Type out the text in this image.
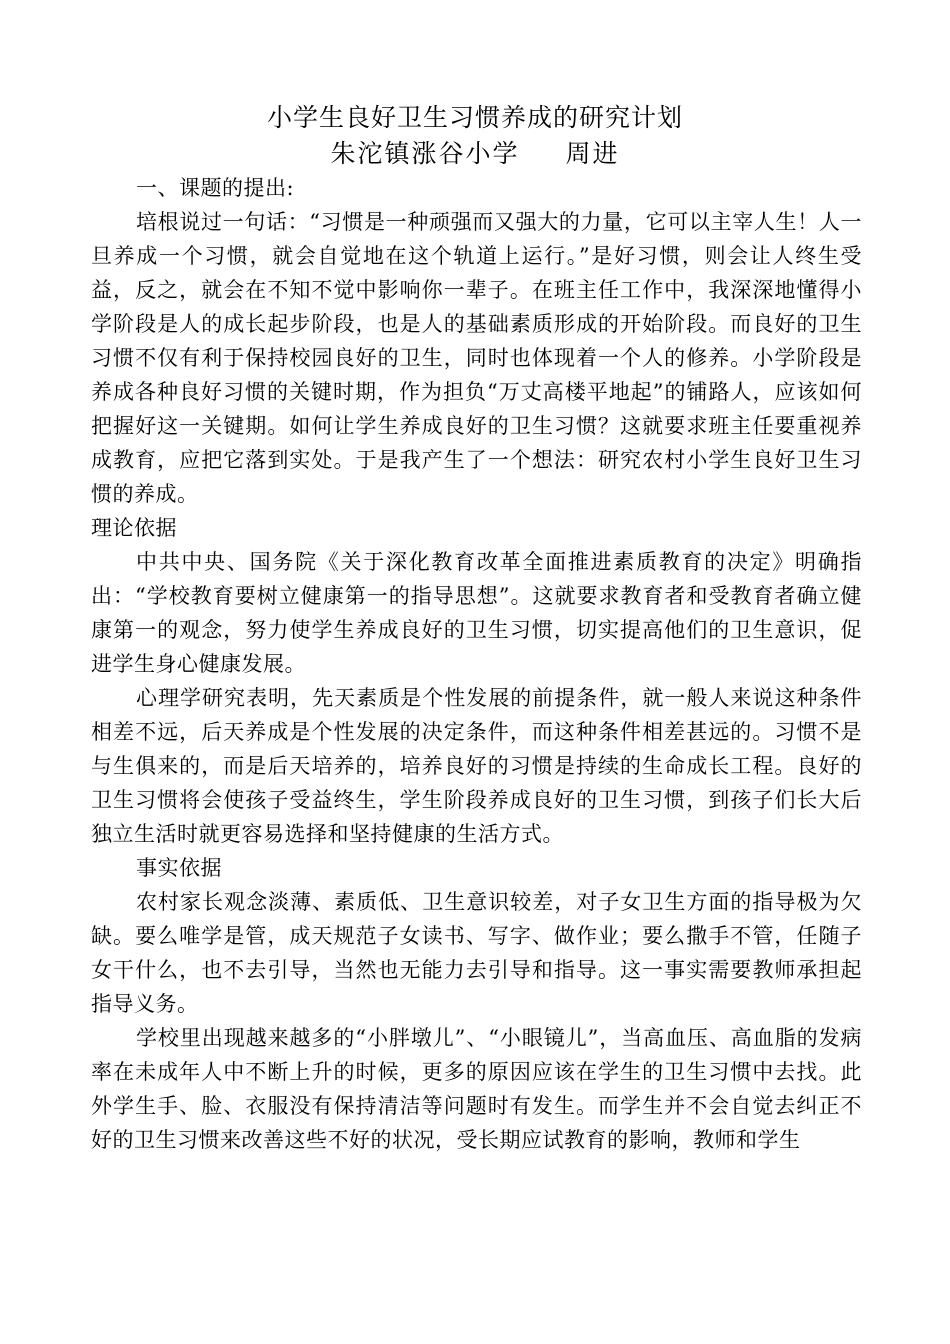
小学生良好卫生习惯养成的研究计划
朱沱镇涨谷小学 周进

一、课题的提出:

培根说过一句话：“习惯是一种顽强而又强大的力量，它可以主宰人生！人一旦养成一个习惯，就会自觉地在这个轨道上运行。”是好习惯，则会让人终生受益，反之，就会在不知不觉中影响你一辈子。在班主任工作中，我深深地懂得小学阶段是人的成长起步阶段，也是人的基础素质形成的开始阶段。而良好的卫生习惯不仅有利于保持校园良好的卫生，同时也体现着一个人的修养。小学阶段是养成各种良好习惯的关键时期，作为担负“万丈高楼平地起”的铺路人，应该如何把握好这一关键期。如何让学生养成良好的卫生习惯？这就要求班主任要重视养成教育，应把它落到实处。于是我产生了一个想法：研究农村小学生良好卫生习惯的养成。

理论依据

中共中央、国务院《关于深化教育改革全面推进素质教育的决定》明确指出：“学校教育要树立健康第一的指导思想”。这就要求教育者和受教育者确立健康第一的观念，努力使学生养成良好的卫生习惯，切实提高他们的卫生意识，促进学生身心健康发展。

心理学研究表明，先天素质是个性发展的前提条件，就一般人来说这种条件相差不远，后天养成是个性发展的决定条件，而这种条件相差甚远的。习惯不是与生俱来的，而是后天培养的，培养良好的习惯是持续的生命成长工程。良好的卫生习惯将会使孩子受益终生，学生阶段养成良好的卫生习惯，到孩子们长大后独立生活时就更容易选择和坚持健康的生活方式。

事实依据

农村家长观念淡薄、素质低、卫生意识较差，对子女卫生方面的指导极为欠缺。要么唯学是管，成天规范子女读书、写字、做作业；要么撒手不管，任随子女干什么，也不去引导，当然也无能力去引导和指导。这一事实需要教师承担起指导义务。

学校里出现越来越多的“小胖墩儿”、“小眼镜儿”，当高血压、高血脂的发病率在未成年人中不断上升的时候，更多的原因应该在学生的卫生习惯中去找。此外学生手、脸、衣服没有保持清洁等问题时有发生。而学生并不会自觉去纠正不好的卫生习惯来改善这些不好的状况，受长期应试教育的影响，教师和学生
